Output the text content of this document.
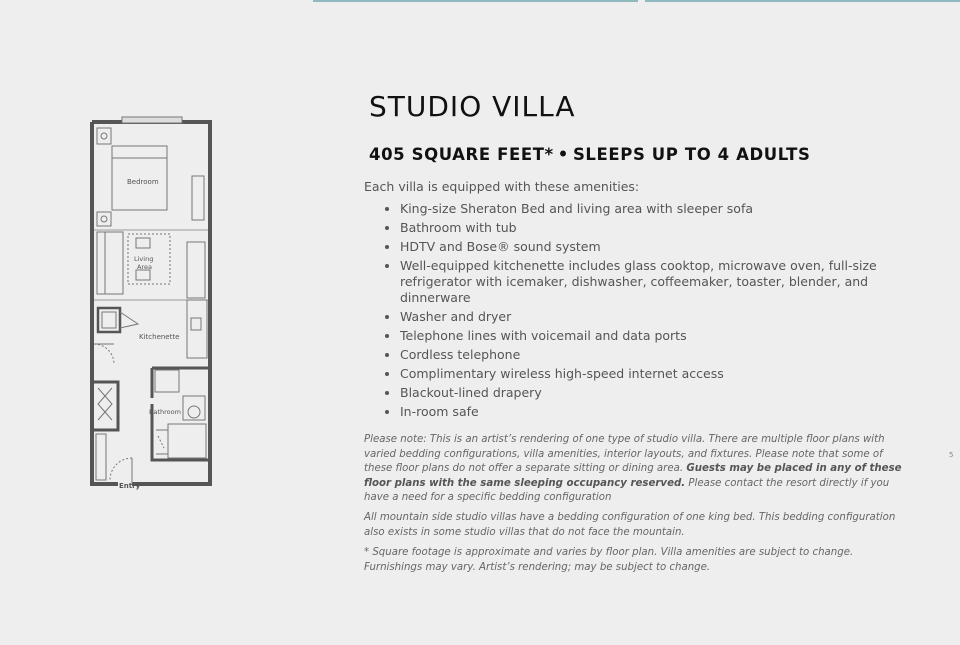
Bedroom
Living
Area
Kitchenette
Bathroom
Entry
STUDIO VILLA
405 SQUARE FEET* • SLEEPS UP TO 4 ADULTS
Each villa is equipped with these amenities:
• King-size Sheraton Bed and living area with sleeper sofa
• Bathroom with tub
• HDTV and Bose® sound system
• Well-equipped kitchenette includes glass cooktop, microwave oven, full-size refrigerator with icemaker, dishwasher, coffeemaker, toaster, blender, and dinnerware
• Washer and dryer
• Telephone lines with voicemail and data ports
• Cordless telephone
• Complimentary wireless high-speed internet access
• Blackout-lined drapery
• In-room safe

Please note: This is an artist’s rendering of one type of studio villa. There are multiple floor plans with varied bedding configurations, villa amenities, interior layouts, and fixtures. Please note that some of these floor plans do not offer a separate sitting or dining area. Guests may be placed in any of these floor plans with the same sleeping occupancy reserved. Please contact the resort directly if you have a need for a specific bedding configuration

All mountain side studio villas have a bedding configuration of one king bed. This bedding configuration also exists in some studio villas that do not face the mountain.

* Square footage is approximate and varies by floor plan. Villa amenities are subject to change. Furnishings may vary. Artist’s rendering; may be subject to change.

5
